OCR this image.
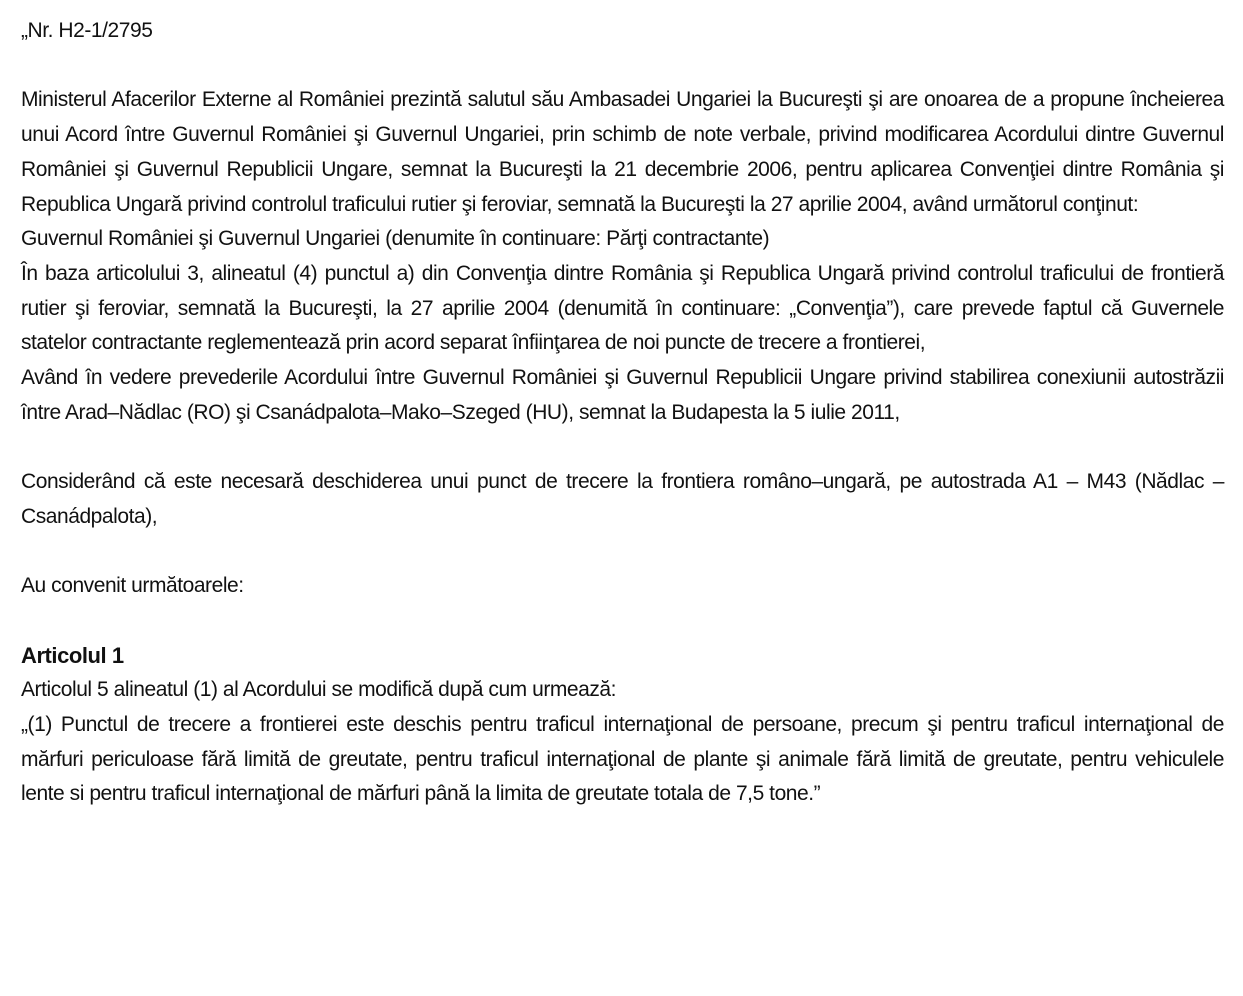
„Nr. H2-1/2795

Ministerul Afacerilor Externe al României prezintă salutul său Ambasadei Ungariei la Bucureşti şi are onoarea de a propune încheierea unui Acord între Guvernul României şi Guvernul Ungariei, prin schimb de note verbale, privind modificarea Acordului dintre Guvernul României şi Guvernul Republicii Ungare, semnat la Bucureşti la 21 decembrie 2006, pentru aplicarea Convenţiei dintre România şi Republica Ungară privind controlul traficului rutier şi feroviar, semnată la Bucureşti la 27 aprilie 2004, având următorul conţinut:

Guvernul României şi Guvernul Ungariei (denumite în continuare: Părţi contractante)

În baza articolului 3, alineatul (4) punctul a) din Convenţia dintre România şi Republica Ungară privind controlul traficului de frontieră rutier şi feroviar, semnată la Bucureşti, la 27 aprilie 2004 (denumită în continuare: „Convenţia”), care prevede faptul că Guvernele statelor contractante reglementează prin acord separat înfiinţarea de noi puncte de trecere a frontierei,

Având în vedere prevederile Acordului între Guvernul României şi Guvernul Republicii Ungare privind stabilirea conexiunii autostrăzii între Arad–Nădlac (RO) şi Csanádpalota–Mako–Szeged (HU), semnat la Budapesta la 5 iulie 2011,

Considerând că este necesară deschiderea unui punct de trecere la frontiera româno–ungară, pe autostrada A1 – M43 (Nădlac – Csanádpalota),

Au convenit următoarele:

Articolul 1

Articolul 5 alineatul (1) al Acordului se modifică după cum urmează:

„(1) Punctul de trecere a frontierei este deschis pentru traficul internaţional de persoane, precum şi pentru traficul internaţional de mărfuri periculoase fără limită de greutate, pentru traficul internaţional de plante şi animale fără limită de greutate, pentru vehiculele lente si pentru traficul internaţional de mărfuri până la limita de greutate totala de 7,5 tone.”
